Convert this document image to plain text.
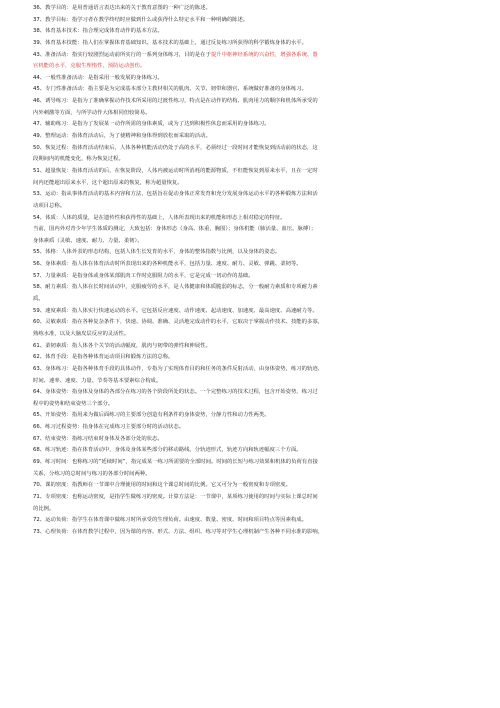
36、教学目的：是用普通语言表达出来的关于教育意图的一种广泛的陈述。
37、教学目标：指学习者在教学终结时应做到什么或获得什么特定水平和一种明确的陈述。
38、体育基本技术：指合理完成体育动作的基本方法。
39、体育基本技能：指人们在掌握体育基础知识、基本技术的基础上，通过反复练习所获得的科学锻炼身体的水平。
43、准备活动：指实行较剧烈运动前所实行的一系列身体练习，目的是在于提升中枢神经系统的兴奋性，增强各系统、器
官机能的水平，克服生理惰性，预防运动创伤。
44、一般性准备活动：是指采用一般发展的身体练习。
45、专门性准备活动：指主要是为完成基本部分主教材相关的肌肉、关节、韧带和器官、系统做好准备的身体练习。
46、诱导练习：是指为了准确掌握动作技术所采用的过渡性练习，特点是在动作的结构、肌肉用力的顺序和机体所承受的
内外刺激等方面，与所学动作大体相同但较简易。
47、辅助练习：是指为了发展某一动作所需的身体素质，或为了达到积极性休息而采用的身体练习。
49、整理运动：指体育活动后，为了使精神和身体得到放松而采取的活动。
50、恢复过程：指体育活动结束后，人体各种机能活动仍处于高的水平，必须经过一段时间才能恢复到活动前的状态，这
段期间内的机能变化，称为恢复过程。
51、超量恢复：指体育活动的后，在恢复阶段，人体内被运动时所消耗的能源物质，不但能恢复到原来水平，且在一定时
间内还能超出原来水平，这个超出原来的恢复，称为超量恢复。
53、运动：指从事体育活动的基本内容和方法，包括旨在促动身体正常发育和充分发展身体运动水平的各种锻炼方法和活
动项目总称。
54、体质：人体的质量，是在遗传性和获得性的基础上，人体所表现出来的机能和形态上相对稳定的特征。
当前，国内外对青少年学生体质的测定，大致包括：身体形态（身高、体重，胸围）；身体机能（肺活量、血压、脉搏）；
身体素质（灵敏、速度、耐力、力量、柔韧）。
55、体格：人体外表的形态结构，包括人体生长发育的水平，身体的整体指数与比例，以及身体的姿态。
56、身体素质：指人体在体育活动时所表现出来的各种机能水平，包括力量、速度、耐力、灵敏、弹跳、柔韧等。
57、力量素质：是指身体或身体某部肌肉工作时克服阻力的水平，它是完成一切动作的基础。
58、耐力素质：指人体在长时间活动中，克服疲劳的水平，是人体健康和体质脆弱的标志，分一般耐力素质和专项耐力素
质。
59、速度素质：指人体实行快速运动的水平。它包括反应速度、动作速度、起动速度、加速度、最高速度、高速耐力等。
60、灵敏素质：指在各种复杂条件下，快速、协调、准确、灵活地完成动作的水平，它取决于掌握动作技术、技能的多寡，
熟练水准，以及大脑皮层反应的灵活性。
61、柔韧素质：指人体各个关节的活动幅度，肌肉与韧带的弹性和伸展性。
62、体育手段：是指各种体育运动项目和锻炼方法的总称。
63、身体练习：是指各种体育手段的具体动作，专指为了实现体育目的和任务的条件反射活动，由身体姿势，练习的轨迹、
时间、速率、速度、力量、节奏等基本要素综合构成。
64、身体姿势：指身体及身体的各部分在练习的各个阶段所处的状态。一个完整练习的技术过程，包含开始姿势，练习过
程中的姿势和结束姿势三个部分。
65、开始姿势：指用来为做后面练习的主要部分创造有利条件的身体姿势，分静力性和动力性两类。
66、练习过程姿势：指身体在完成练习主要部分时的活动状态。
67、结束姿势：指练习结束时身体及各部分处的状态。
68、练习轨迹：指在体育活动中，身体及身体某些部分的移动路线，分轨迹形式，轨迹方向和轨迹幅度三个方面。
69、练习时间：也称练习的“延续时间”，指完成某一练习所需要的全部时间。时间的长短与练习效果和机体的负荷有直接
关系，分练习的总时间与练习的各部分时间两种。
70、课的密度：指教师在一节课中合理使用的时间和这个课总时间的比例。它又可分为一般密度和专项密度。
71、专项密度：也称运动密度，是指学生做练习的密度。计算方法是：一节课中，某项练习使用的时间与实际上课总时间
的比例。
72、运动负荷：指学生在体育课中做练习时所承受的生理负荷。由速度、数量、密度、时间和项目特点等因素构成。
73、心理负荷：在体育教学过程中，因为课的内容、形式、方法、组织、练习等对学生心理机制产生各种不同水准的影响，
